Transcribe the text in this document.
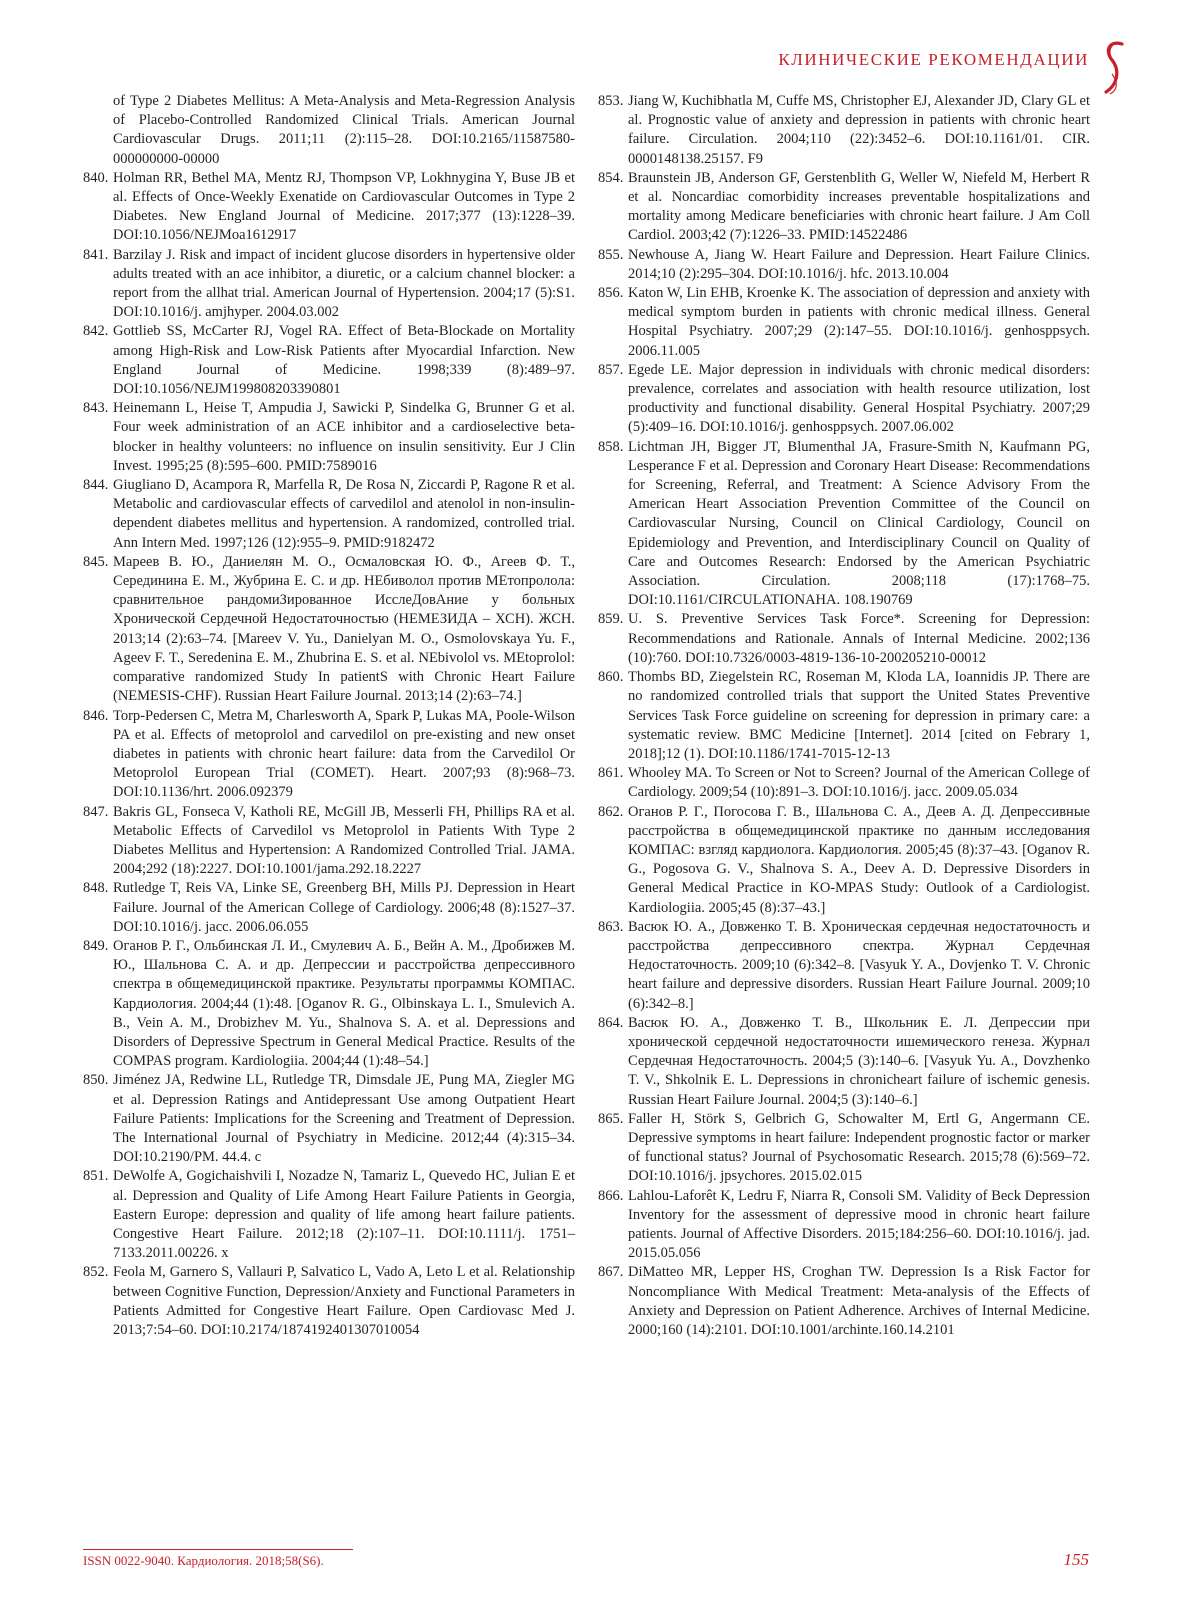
КЛИНИЧЕСКИЕ РЕКОМЕНДАЦИИ
of Type 2 Diabetes Mellitus: A Meta-Analysis and Meta-Regression Analysis of Placebo-Controlled Randomized Clinical Trials. American Journal Cardiovascular Drugs. 2011;11 (2):115–28. DOI:10.2165/11587580-000000000-00000
840. Holman RR, Bethel MA, Mentz RJ, Thompson VP, Lokhnygina Y, Buse JB et al. Effects of Once-Weekly Exenatide on Cardiovascular Outcomes in Type 2 Diabetes. New England Journal of Medicine. 2017;377 (13):1228–39. DOI:10.1056/NEJMoa1612917
841. Barzilay J. Risk and impact of incident glucose disorders in hypertensive older adults treated with an ace inhibitor, a diuretic, or a calcium channel blocker: a report from the allhat trial. American Journal of Hypertension. 2004;17 (5):S1. DOI:10.1016/j. amjhyper. 2004.03.002
842. Gottlieb SS, McCarter RJ, Vogel RA. Effect of Beta-Blockade on Mortality among High-Risk and Low-Risk Patients after Myocardial Infarction. New England Journal of Medicine. 1998;339 (8):489–97. DOI:10.1056/NEJM199808203390801
843. Heinemann L, Heise T, Ampudia J, Sawicki P, Sindelka G, Brunner G et al. Four week administration of an ACE inhibitor and a cardioselective beta-blocker in healthy volunteers: no influence on insulin sensitivity. Eur J Clin Invest. 1995;25 (8):595–600. PMID:7589016
844. Giugliano D, Acampora R, Marfella R, De Rosa N, Ziccardi P, Ragone R et al. Metabolic and cardiovascular effects of carvedilol and atenolol in non-insulin-dependent diabetes mellitus and hypertension. A randomized, controlled trial. Ann Intern Med. 1997;126 (12):955–9. PMID:9182472
845. Мареев В. Ю., Даниелян М. О., Осмаловская Ю. Ф., Агеев Ф. Т., Серединина Е. М., Жубрина Е. С. и др. НЕбиволол против МЕтопролола: сравнительное рандомиЗированное ИсслеДовАние у больных Хронической Сердечной Недостаточностью (НЕМЕЗИДА – ХСН). ЖСН. 2013;14 (2):63–74. [Mareev V. Yu., Danielyan M. O., Osmolovskaya Yu. F., Ageev F. T., Seredenina E. M., Zhubrina E. S. et al. NEbivolol vs. MEtoprolol: comparative randomized Study In patientS with Chronic Heart Failure (NEMESIS-CHF). Russian Heart Failure Journal. 2013;14 (2):63–74.]
846. Torp-Pedersen C, Metra M, Charlesworth A, Spark P, Lukas MA, Poole-Wilson PA et al. Effects of metoprolol and carvedilol on pre-existing and new onset diabetes in patients with chronic heart failure: data from the Carvedilol Or Metoprolol European Trial (COMET). Heart. 2007;93 (8):968–73. DOI:10.1136/hrt. 2006.092379
847. Bakris GL, Fonseca V, Katholi RE, McGill JB, Messerli FH, Phillips RA et al. Metabolic Effects of Carvedilol vs Metoprolol in Patients With Type 2 Diabetes Mellitus and Hypertension: A Randomized Controlled Trial. JAMA. 2004;292 (18):2227. DOI:10.1001/jama.292.18.2227
848. Rutledge T, Reis VA, Linke SE, Greenberg BH, Mills PJ. Depression in Heart Failure. Journal of the American College of Cardiology. 2006;48 (8):1527–37. DOI:10.1016/j. jacc. 2006.06.055
849. Оганов Р. Г., Ольбинская Л. И., Смулевич А. Б., Вейн А. М., Дробижев М. Ю., Шальнова С. А. и др. Депрессии и расстройства депрессивного спектра в общемедицинской практике. Результаты программы КОМПАС. Кардиология. 2004;44 (1):48. [Oganov R. G., Olbinskaya L. I., Smulevich A. B., Vein A. M., Drobizhev M. Yu., Shalnova S. A. et al. Depressions and Disorders of Depressive Spectrum in General Medical Practice. Results of the COMPAS program. Kardiologiia. 2004;44 (1):48–54.]
850. Jiménez JA, Redwine LL, Rutledge TR, Dimsdale JE, Pung MA, Ziegler MG et al. Depression Ratings and Antidepressant Use among Outpatient Heart Failure Patients: Implications for the Screening and Treatment of Depression. The International Journal of Psychiatry in Medicine. 2012;44 (4):315–34. DOI:10.2190/PM. 44.4. c
851. DeWolfe A, Gogichaishvili I, Nozadze N, Tamariz L, Quevedo HC, Julian E et al. Depression and Quality of Life Among Heart Failure Patients in Georgia, Eastern Europe: depression and quality of life among heart failure patients. Congestive Heart Failure. 2012;18 (2):107–11. DOI:10.1111/j. 1751–7133.2011.00226. x
852. Feola M, Garnero S, Vallauri P, Salvatico L, Vado A, Leto L et al. Relationship between Cognitive Function, Depression/Anxiety and Functional Parameters in Patients Admitted for Congestive Heart Failure. Open Cardiovasc Med J. 2013;7:54–60. DOI:10.2174/1874192401307010054
853. Jiang W, Kuchibhatla M, Cuffe MS, Christopher EJ, Alexander JD, Clary GL et al. Prognostic value of anxiety and depression in patients with chronic heart failure. Circulation. 2004;110 (22):3452–6. DOI:10.1161/01. CIR. 0000148138.25157. F9
854. Braunstein JB, Anderson GF, Gerstenblith G, Weller W, Niefeld M, Herbert R et al. Noncardiac comorbidity increases preventable hospitalizations and mortality among Medicare beneficiaries with chronic heart failure. J Am Coll Cardiol. 2003;42 (7):1226–33. PMID:14522486
855. Newhouse A, Jiang W. Heart Failure and Depression. Heart Failure Clinics. 2014;10 (2):295–304. DOI:10.1016/j. hfc. 2013.10.004
856. Katon W, Lin EHB, Kroenke K. The association of depression and anxiety with medical symptom burden in patients with chronic medical illness. General Hospital Psychiatry. 2007;29 (2):147–55. DOI:10.1016/j. genhosppsych. 2006.11.005
857. Egede LE. Major depression in individuals with chronic medical disorders: prevalence, correlates and association with health resource utilization, lost productivity and functional disability. General Hospital Psychiatry. 2007;29 (5):409–16. DOI:10.1016/j. genhosppsych. 2007.06.002
858. Lichtman JH, Bigger JT, Blumenthal JA, Frasure-Smith N, Kaufmann PG, Lesperance F et al. Depression and Coronary Heart Disease: Recommendations for Screening, Referral, and Treatment: A Science Advisory From the American Heart Association Prevention Committee of the Council on Cardiovascular Nursing, Council on Clinical Cardiology, Council on Epidemiology and Prevention, and Interdisciplinary Council on Quality of Care and Outcomes Research: Endorsed by the American Psychiatric Association. Circulation. 2008;118 (17):1768–75. DOI:10.1161/CIRCULATIONAHA. 108.190769
859. U. S. Preventive Services Task Force*. Screening for Depression: Recommendations and Rationale. Annals of Internal Medicine. 2002;136 (10):760. DOI:10.7326/0003-4819-136-10-200205210-00012
860. Thombs BD, Ziegelstein RC, Roseman M, Kloda LA, Ioannidis JP. There are no randomized controlled trials that support the United States Preventive Services Task Force guideline on screening for depression in primary care: a systematic review. BMC Medicine [Internet]. 2014 [cited on Febrary 1, 2018];12 (1). DOI:10.1186/1741-7015-12-13
861. Whooley MA. To Screen or Not to Screen? Journal of the American College of Cardiology. 2009;54 (10):891–3. DOI:10.1016/j. jacc. 2009.05.034
862. Оганов Р. Г., Погосова Г. В., Шальнова С. А., Деев А. Д. Депрессивные расстройства в общемедицинской практике по данным исследования КОМПАС: взгляд кардиолога. Кардиология. 2005;45 (8):37–43. [Oganov R. G., Pogosova G. V., Shalnova S. A., Deev A. D. Depressive Disorders in General Medical Practice in KO-MPAS Study: Outlook of a Cardiologist. Kardiologiia. 2005;45 (8):37–43.]
863. Васюк Ю. А., Довженко Т. В. Хроническая сердечная недостаточность и расстройства депрессивного спектра. Журнал Сердечная Недостаточность. 2009;10 (6):342–8. [Vasyuk Y. A., Dovjenko T. V. Chronic heart failure and depressive disorders. Russian Heart Failure Journal. 2009;10 (6):342–8.]
864. Васюк Ю. А., Довженко Т. В., Школьник Е. Л. Депрессии при хронической сердечной недостаточности ишемического генеза. Журнал Сердечная Недостаточность. 2004;5 (3):140–6. [Vasyuk Yu. A., Dovzhenko T. V., Shkolnik E. L. Depressions in chronicheart failure of ischemic genesis. Russian Heart Failure Journal. 2004;5 (3):140–6.]
865. Faller H, Störk S, Gelbrich G, Schowalter M, Ertl G, Angermann CE. Depressive symptoms in heart failure: Independent prognostic factor or marker of functional status? Journal of Psychosomatic Research. 2015;78 (6):569–72. DOI:10.1016/j. jpsychores. 2015.02.015
866. Lahlou-Laforêt K, Ledru F, Niarra R, Consoli SM. Validity of Beck Depression Inventory for the assessment of depressive mood in chronic heart failure patients. Journal of Affective Disorders. 2015;184:256–60. DOI:10.1016/j. jad. 2015.05.056
867. DiMatteo MR, Lepper HS, Croghan TW. Depression Is a Risk Factor for Noncompliance With Medical Treatment: Meta-analysis of the Effects of Anxiety and Depression on Patient Adherence. Archives of Internal Medicine. 2000;160 (14):2101. DOI:10.1001/archinte.160.14.2101
ISSN 0022-9040. Кардиология. 2018;58(S6).	155
